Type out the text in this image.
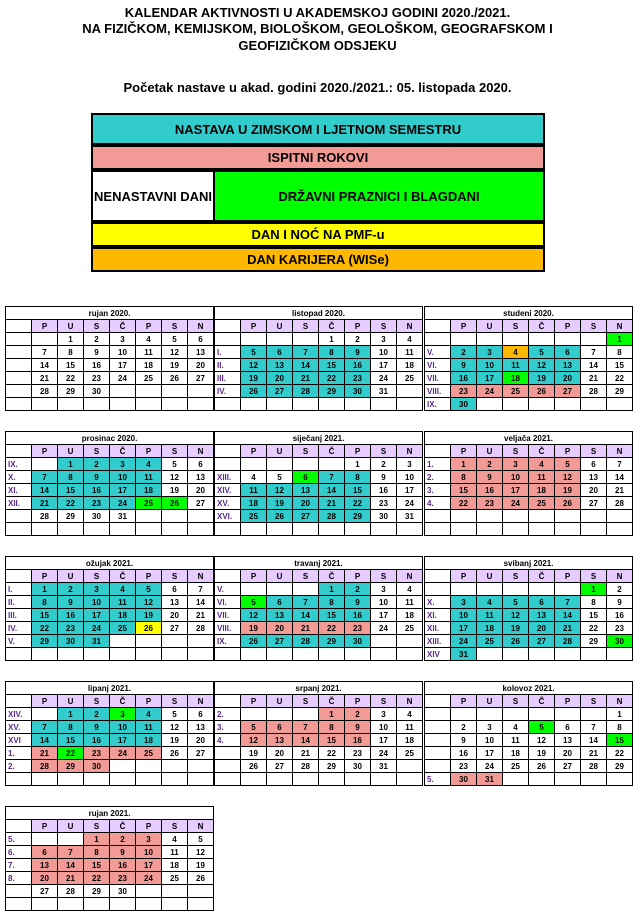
KALENDAR AKTIVNOSTI U AKADEMSKOJ GODINI 2020./2021.
NA FIZIČKOM, KEMIJSKOM, BIOLOŠKOM, GEOLOŠKOM, GEOGRAFSKOM I
GEOFIZIČKOM ODSJEKU
Početak nastave u akad. godini 2020./2021.: 05. listopada 2020.
NASTAVA U ZIMSKOM I LJETNOM SEMESTRU
ISPITNI ROKOVI
NENASTAVNI DANI	DRŽAVNI PRAZNICI I BLAGDANI
DAN I NOĆ NA PMF-u
DAN KARIJERA (WISe)
rujan 2020.							
	P	U	S	Č	P	S	N
		1	2	3	4	5	6
	7	8	9	10	11	12	13
	14	15	16	17	18	19	20
	21	22	23	24	25	26	27
	28	29	30				

listopad 2020.							
	P	U	S	Č	P	S	N
				1	2	3	4
I.	5	6	7	8	9	10	11
II.	12	13	14	15	16	17	18
III.	19	20	21	22	23	24	25
IV.	26	27	28	29	30	31	

studeni 2020.							
	P	U	S	Č	P	S	N
							1
V.	2	3	4	5	6	7	8
VI.	9	10	11	12	13	14	15
VII.	16	17	18	19	20	21	22
VIII.	23	24	25	26	27	28	29
IX.	30						
prosinac 2020.							
	P	U	S	Č	P	S	N
IX.		1	2	3	4	5	6
X.	7	8	9	10	11	12	13
XI.	14	15	16	17	18	19	20
XII.	21	22	23	24	25	26	27
	28	29	30	31			

siječanj 2021.							
	P	U	S	Č	P	S	N
					1	2	3
XIII.	4	5	6	7	8	9	10
XIV.	11	12	13	14	15	16	17
XV.	18	19	20	21	22	23	24
XVI.	25	26	27	28	29	30	31

veljača 2021.							
	P	U	S	Č	P	S	N
1.	1	2	3	4	5	6	7
2.	8	9	10	11	12	13	14
3.	15	16	17	18	19	20	21
4.	22	23	24	25	26	27	28

ožujak 2021.							
	P	U	S	Č	P	S	N
I.	1	2	3	4	5	6	7
II.	8	9	10	11	12	13	14
III.	15	16	17	18	19	20	21
IV.	22	23	24	25	26	27	28
V.	29	30	31				

travanj 2021.							
	P	U	S	Č	P	S	N
V.				1	2	3	4
VI.	5	6	7	8	9	10	11
VII.	12	13	14	15	16	17	18
VIII.	19	20	21	22	23	24	25
IX.	26	27	28	29	30		

svibanj 2021.							
	P	U	S	Č	P	S	N
						1	2
X.	3	4	5	6	7	8	9
XI.	10	11	12	13	14	15	16
XII.	17	18	19	20	21	22	23
XIII.	24	25	26	27	28	29	30
XIV	31						
lipanj 2021.							
	P	U	S	Č	P	S	N
XIV.		1	2	3	4	5	6
XV.	7	8	9	10	11	12	13
XVI	14	15	16	17	18	19	20
1.	21	22	23	24	25	26	27
2.	28	29	30				

srpanj 2021.							
	P	U	S	Č	P	S	N
2.				1	2	3	4
3.	5	6	7	8	9	10	11
4.	12	13	14	15	16	17	18
	19	20	21	22	23	24	25
	26	27	28	29	30	31	

kolovoz 2021.							
	P	U	S	Č	P	S	N
							1
	2	3	4	5	6	7	8
	9	10	11	12	13	14	15
	16	17	18	19	20	21	22
	23	24	25	26	27	28	29
5.	30	31					
rujan 2021.							
	P	U	S	Č	P	S	N
5.			1	2	3	4	5
6.	6	7	8	9	10	11	12
7.	13	14	15	16	17	18	19
8.	20	21	22	23	24	25	26
	27	28	29	30			
